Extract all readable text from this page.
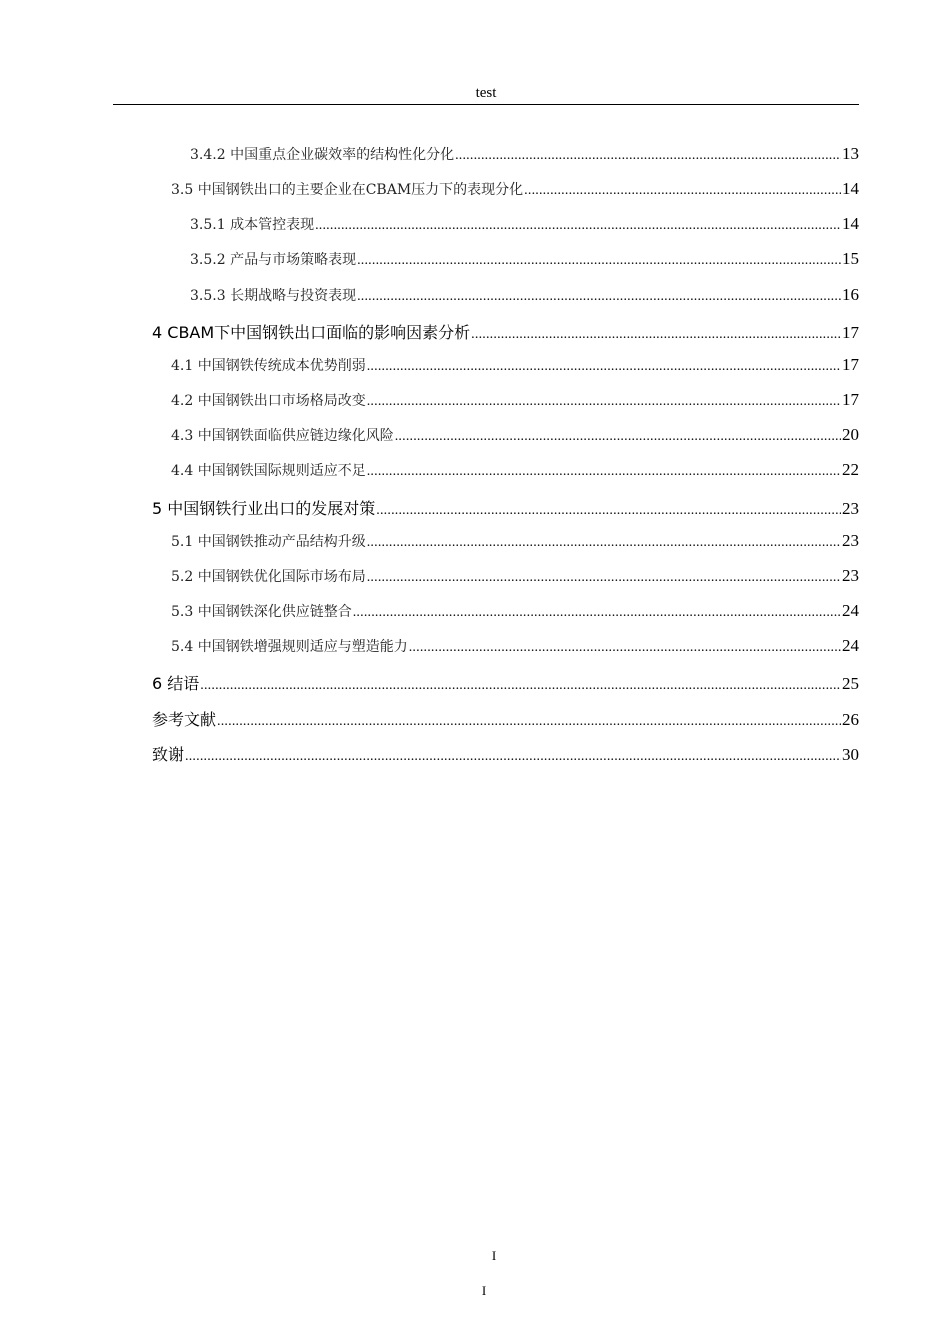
test
3.4.2 中国重点企业碳效率的结构性化分化 .....	13
3.5 中国钢铁出口的主要企业在CBAM压力下的表现分化 .....	14
3.5.1 成本管控表现 .....	14
3.5.2 产品与市场策略表现 .....	15
3.5.3 长期战略与投资表现 .....	16
4 CBAM下中国钢铁出口面临的影响因素分析 .....	17
4.1 中国钢铁传统成本优势削弱 .....	17
4.2 中国钢铁出口市场格局改变 .....	17
4.3 中国钢铁面临供应链边缘化风险 .....	20
4.4 中国钢铁国际规则适应不足 .....	22
5 中国钢铁行业出口的发展对策 .....	23
5.1 中国钢铁推动产品结构升级 .....	23
5.2 中国钢铁优化国际市场布局 .....	23
5.3 中国钢铁深化供应链整合 .....	24
5.4 中国钢铁增强规则适应与塑造能力 .....	24
6 结语 .....	25
参考文献 .....	26
致谢 .....	30
I
I
